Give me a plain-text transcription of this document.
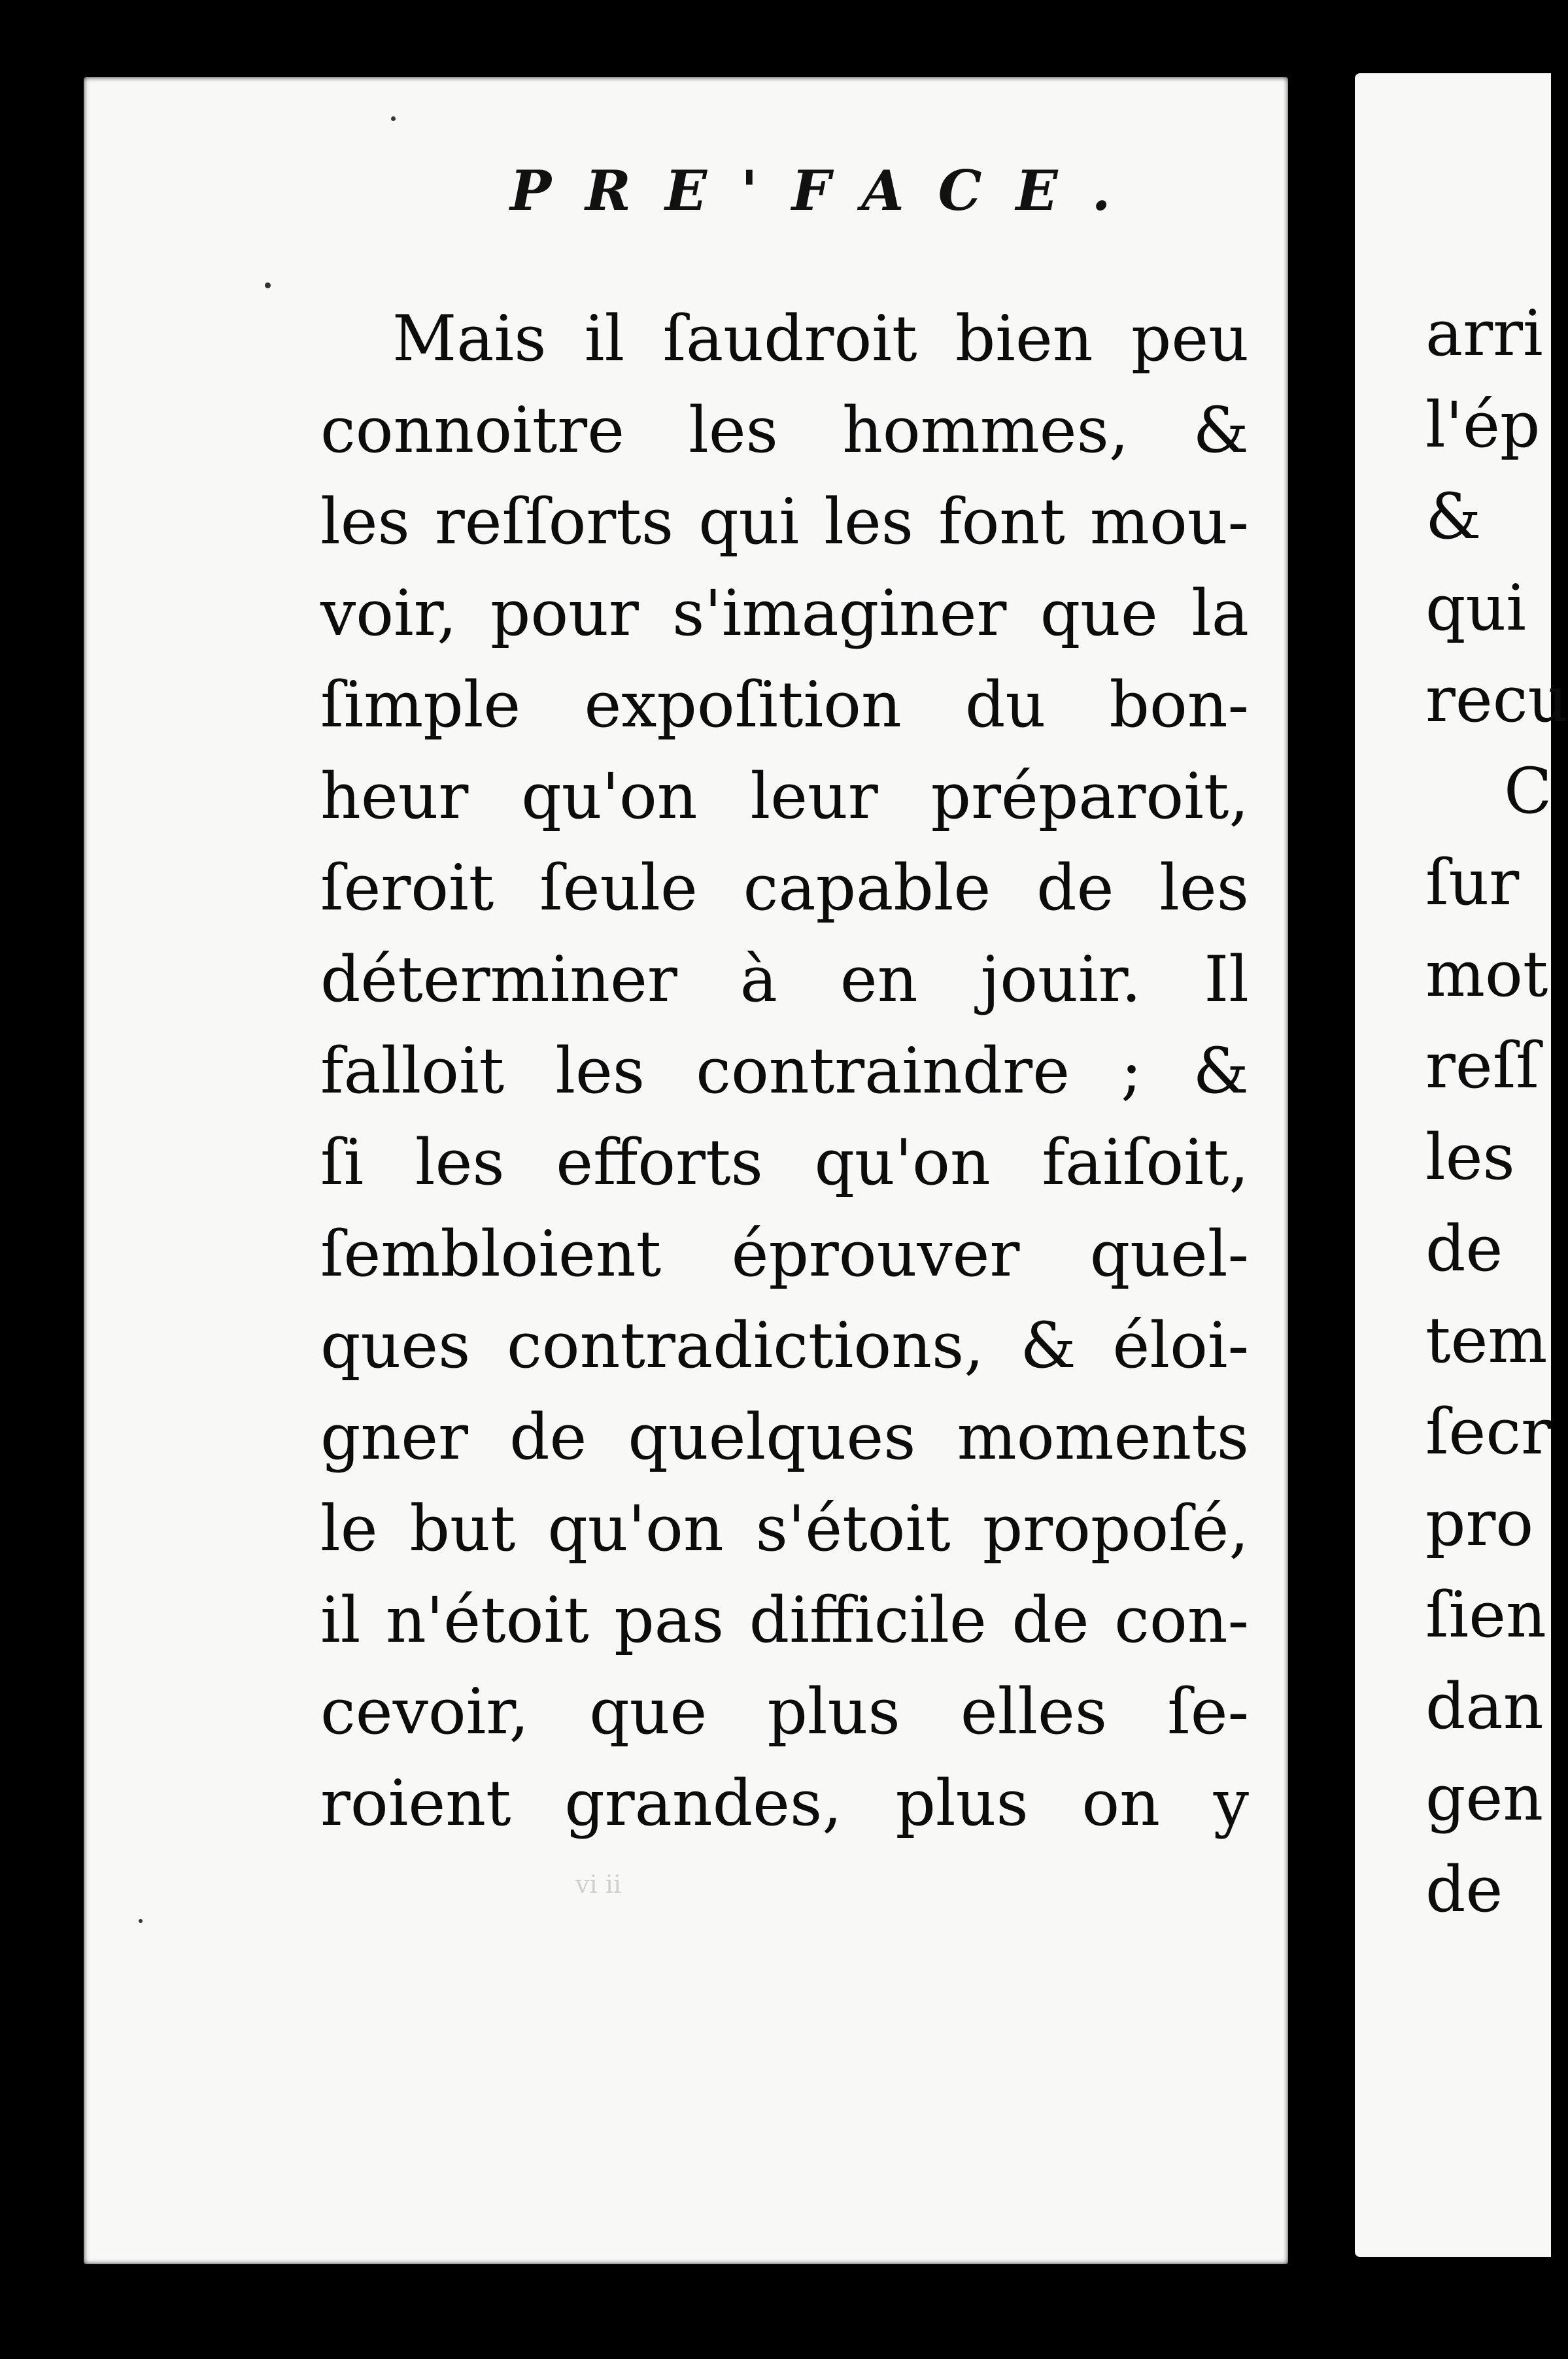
PRE'FACE.
Mais il ſaudroit bien peu
connoitre les hommes, &
les reſſorts qui les font mou-
voir, pour s'imaginer que la
ſimple expoſition du bon-
heur qu'on leur préparoit,
ſeroit ſeule capable de les
déterminer à en jouir. Il
falloit les contraindre ; &
ſi les efforts qu'on faiſoit,
ſembloient éprouver quel-
ques contradictions, & éloi-
gner de quelques moments
le but qu'on s'étoit propoſé,
il n'étoit pas difficile de con-
cevoir, que plus elles ſe-
roient grandes, plus on y
vi ii
arri
l'ép
&
qui
recu
C
ſur
mot
reſſ
les
de
tem
ſecr
pro
ſien
dan
gen
de
